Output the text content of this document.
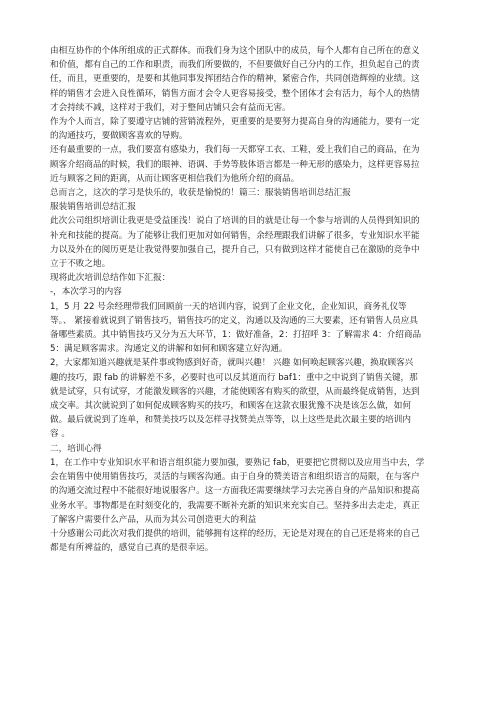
由相互协作的个体所组成的正式群体。而我们身为这个团队中的成员，每个人都有自己所在的意义
和价值，都有自己的工作和职责，而我们所要做的，不但要做好自己分内的工作，担负起自己的责
任，而且，更重要的，是要和其他同事发挥团结合作的精神，紧密合作，共同创造辉煌的业绩。这
样的销售才会进入良性循环，销售方面才会令人更容易接受，整个团体才会有活力，每个人的热情
才会持续不减，这样对于我们，对于整间店铺只会有益而无害。
作为个人而言，除了要遵守店铺的营销流程外，更重要的是要努力提高自身的沟通能力，要有一定
的沟通技巧，要做顾客喜欢的导购。
还有最重要的一点，我们要富有感染力，我们每一天都穿工衣、工鞋，爱上我们自己的商品，在为
顾客介绍商品的时候，我们的眼神、语调、手势等肢体语言都是一种无形的感染力，这样更容易拉
近与顾客之间的距离，从而让顾客更相信我们为他所介绍的商品。
总而言之，这次的学习是快乐的，收获是愉悦的！篇三：服装销售培训总结汇报
服装销售培训总结汇报
此次公司组织培训让我更是受益匪浅！说白了培训的目的就是让每一个参与培训的人员得到知识的
补充和技能的提高。为了能够让我们更加对如何销售，余经理跟我们讲解了很多，专业知识水平能
力以及外在的阅历更是让我觉得要加强自己，提升自己，只有做到这样才能使自己在激励的竞争中
立于不败之地。
现将此次培训总结作如下汇报：
-，本次学习的内容
1，5 月 22 号余经理带我们回顾前一天的培训内容，说到了企业文化，企业知识，商务礼仪等
等。、 紧接着就说到了销售技巧，销售技巧的定义，沟通以及沟通的三大要素，还有销售人员应具
备哪些素质。其中销售技巧又分为五大环节，1：做好准备，2：打招呼 3：了解需求 4：介绍商品
5：满足顾客需求。沟通定义的讲解和如何和顾客建立好沟通。
2，大家都知道兴趣就是某件事或物感到好奇，就叫兴趣！ 兴趣 如何唤起顾客兴趣，换取顾客兴
趣的技巧，跟 fab 的讲解差不多，必要时也可以反其道而行 baf1：重中之中说到了销售关键，那
就是试穿，只有试穿，才能激发顾客的兴趣，才能使顾客有购买的欲望，从而最终促成销售，达到
成交率。其次就说到了如何促成顾客购买的技巧，和顾客在这款衣服犹豫不决是该怎么做，如何
做。最后就说到了连单，和赞美技巧以及怎样寻找赞美点等等，以上这些是此次最主要的培训内
容 。
二，培训心得
1，在工作中专业知识水平和语言组织能力要加强，要熟记 fab，更要把它贯彻以及应用当中去，学
会在销售中使用销售技巧，灵活的与顾客沟通。由于自身的赞美语言和组织语言的局限，在与客户
的沟通交流过程中不能很好地说服客户。这一方面我还需要继续学习去完善自身的产品知识和提高
业务水平。事物都是在时刻变化的，我需要不断补充新的知识来充实自己。坚持多出去走走，真正
了解客户需要什么产品，从而为其公司创造更大的利益
十分感谢公司此次对我们提供的培训，能够拥有这样的经历，无论是对现在的自己还是将来的自己
都是有所裨益的，感觉自己真的是很幸运。
